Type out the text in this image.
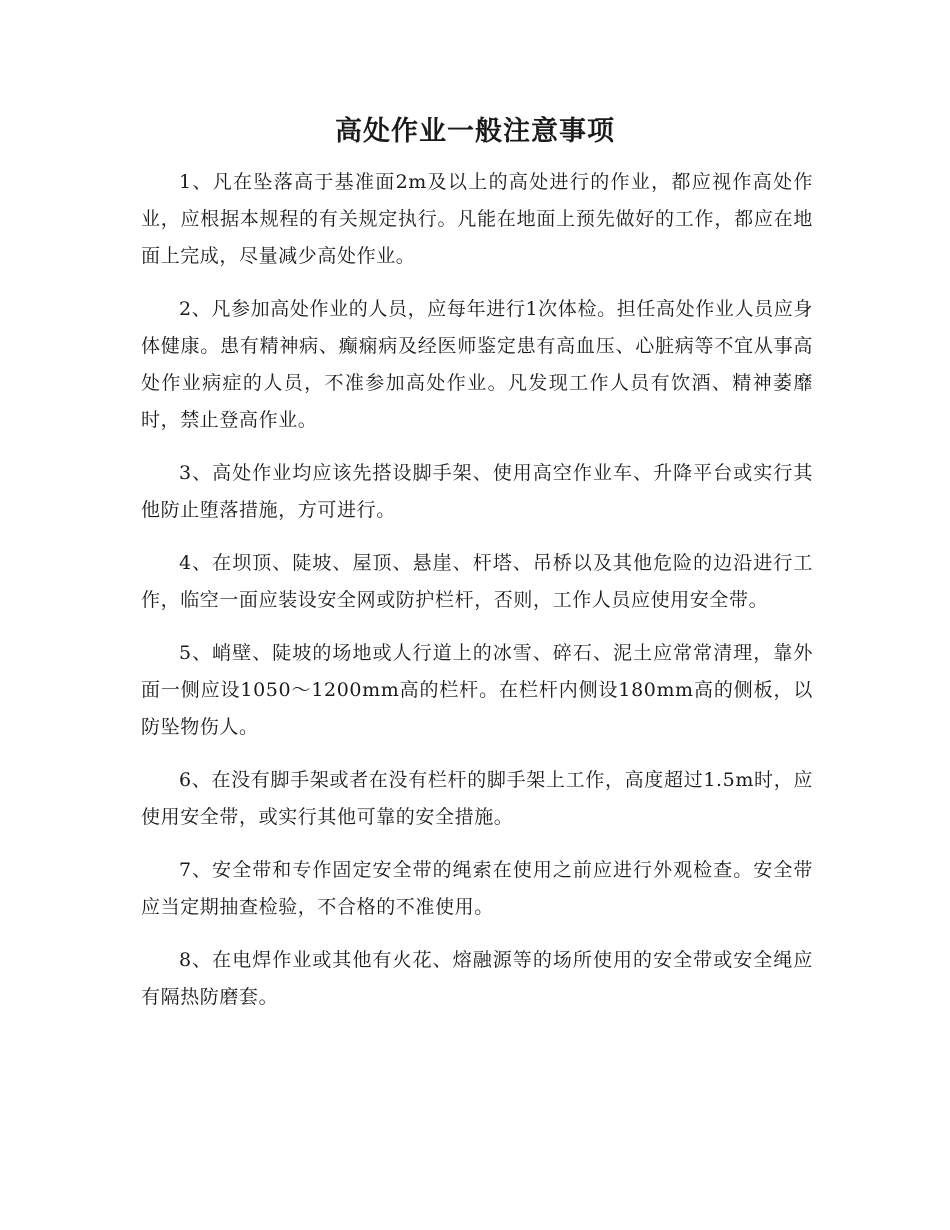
高处作业一般注意事项

1、凡在坠落高于基准面2m及以上的高处进行的作业，都应视作高处作业，应根据本规程的有关规定执行。凡能在地面上预先做好的工作，都应在地面上完成，尽量减少高处作业。

2、凡参加高处作业的人员，应每年进行1次体检。担任高处作业人员应身体健康。患有精神病、癫痫病及经医师鉴定患有高血压、心脏病等不宜从事高处作业病症的人员，不准参加高处作业。凡发现工作人员有饮酒、精神萎靡时，禁止登高作业。

3、高处作业均应该先搭设脚手架、使用高空作业车、升降平台或实行其他防止堕落措施，方可进行。

4、在坝顶、陡坡、屋顶、悬崖、杆塔、吊桥以及其他危险的边沿进行工作，临空一面应装设安全网或防护栏杆，否则，工作人员应使用安全带。

5、峭壁、陡坡的场地或人行道上的冰雪、碎石、泥土应常常清理，靠外面一侧应设1050～1200mm高的栏杆。在栏杆内侧设180mm高的侧板，以防坠物伤人。

6、在没有脚手架或者在没有栏杆的脚手架上工作，高度超过1.5m时，应使用安全带，或实行其他可靠的安全措施。

7、安全带和专作固定安全带的绳索在使用之前应进行外观检查。安全带应当定期抽查检验，不合格的不准使用。

8、在电焊作业或其他有火花、熔融源等的场所使用的安全带或安全绳应有隔热防磨套。
